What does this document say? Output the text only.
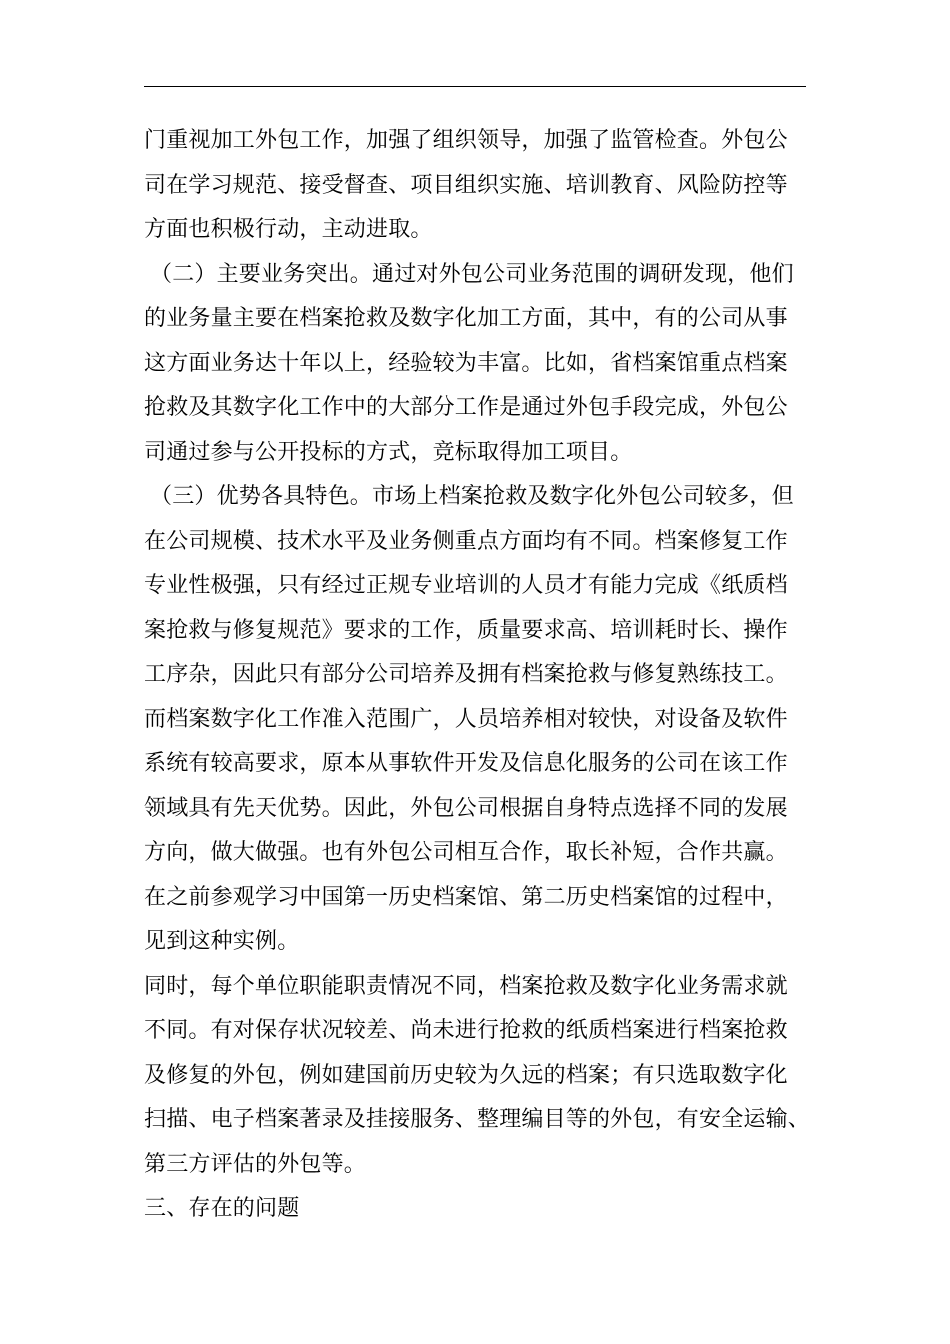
门重视加工外包工作，加强了组织领导，加强了监管检查。外包公
司在学习规范、接受督查、项目组织实施、培训教育、风险防控等
方面也积极行动，主动进取。
（二）主要业务突出。通过对外包公司业务范围的调研发现，他们
的业务量主要在档案抢救及数字化加工方面，其中，有的公司从事
这方面业务达十年以上，经验较为丰富。比如，省档案馆重点档案
抢救及其数字化工作中的大部分工作是通过外包手段完成，外包公
司通过参与公开投标的方式，竞标取得加工项目。
（三）优势各具特色。市场上档案抢救及数字化外包公司较多，但
在公司规模、技术水平及业务侧重点方面均有不同。档案修复工作
专业性极强，只有经过正规专业培训的人员才有能力完成《纸质档
案抢救与修复规范》要求的工作，质量要求高、培训耗时长、操作
工序杂，因此只有部分公司培养及拥有档案抢救与修复熟练技工。
而档案数字化工作准入范围广，人员培养相对较快，对设备及软件
系统有较高要求，原本从事软件开发及信息化服务的公司在该工作
领域具有先天优势。因此，外包公司根据自身特点选择不同的发展
方向，做大做强。也有外包公司相互合作，取长补短，合作共赢。
在之前参观学习中国第一历史档案馆、第二历史档案馆的过程中，
见到这种实例。
同时，每个单位职能职责情况不同，档案抢救及数字化业务需求就
不同。有对保存状况较差、尚未进行抢救的纸质档案进行档案抢救
及修复的外包，例如建国前历史较为久远的档案；有只选取数字化
扫描、电子档案著录及挂接服务、整理编目等的外包，有安全运输、
第三方评估的外包等。
三、存在的问题
